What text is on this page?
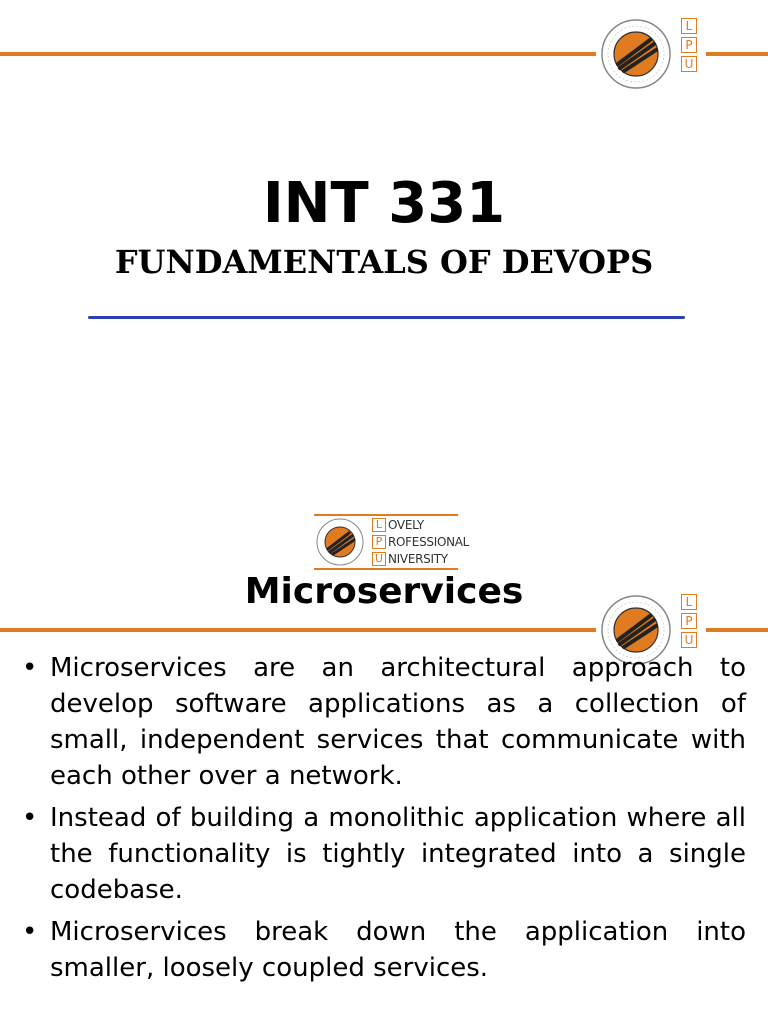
L
P
U
INT 331
FUNDAMENTALS OF DEVOPS
L OVELY
P ROFESSIONAL
U NIVERSITY
Microservices	L
P
U
• Microservices are an architectural approach to develop software applications as a collection of small, independent services that communicate with each other over a network.
• Instead of building a monolithic application where all the functionality is tightly integrated into a single codebase.
• Microservices break down the application into smaller, loosely coupled services.
